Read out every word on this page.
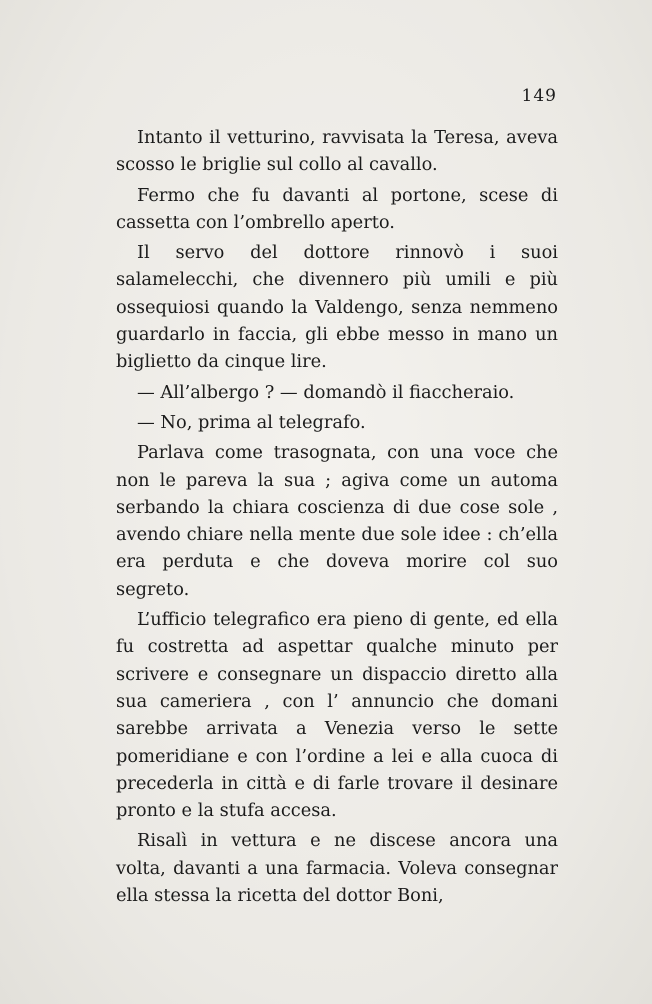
149

Intanto il vetturino, ravvisata la Teresa, aveva scosso le briglie sul collo al cavallo.

Fermo che fu davanti al portone, scese di cassetta con l’ombrello aperto.

Il servo del dottore rinnovò i suoi salamelecchi, che divennero più umili e più ossequiosi quando la Valdengo, senza nemmeno guardarlo in faccia, gli ebbe messo in mano un biglietto da cinque lire.

— All’albergo ? — domandò il fiaccheraio.

— No, prima al telegrafo.

Parlava come trasognata, con una voce che non le pareva la sua ; agiva come un automa serbando la chiara coscienza di due cose sole , avendo chiare nella mente due sole idee : ch’ella era perduta e che doveva morire col suo segreto.

L’ufficio telegrafico era pieno di gente, ed ella fu costretta ad aspettar qualche minuto per scrivere e consegnare un dispaccio diretto alla sua cameriera , con l’ annuncio che domani sarebbe arrivata a Venezia verso le sette pomeridiane e con l’ordine a lei e alla cuoca di precederla in città e di farle trovare il desinare pronto e la stufa accesa.

Risalì in vettura e ne discese ancora una volta, davanti a una farmacia. Voleva consegnar ella stessa la ricetta del dottor Boni,
